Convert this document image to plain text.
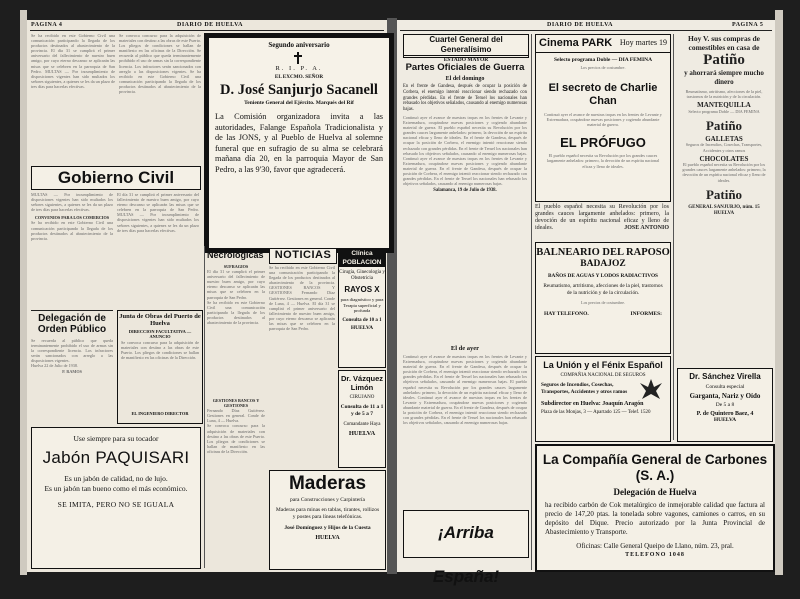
PAGINA 4	DIARIO DE HUELVA
Se ha recibido en este Gobierno Civil una comunicación participando la llegada de los productos destinados al abastecimiento de la provincia. El día 31 se cumplirá el primer aniversario del fallecimiento de nuestro buen amigo, por cuyo eterno descanso se aplicarán las misas que se celebren en la parroquia de San Pedro. MULTAS — Por incumplimiento de disposiciones vigentes han sido multados los señores siguientes, a quienes se les da un plazo de tres días para hacerlas efectivas.
Se convoca concurso para la adquisición de materiales con destino a las obras de este Puerto. Los pliegos de condiciones se hallan de manifiesto en las oficinas de la Dirección. Se recuerda al público que queda terminantemente prohibido el uso de armas sin la correspondiente licencia. Los infractores serán sancionados con arreglo a las disposiciones vigentes. Se ha recibido en este Gobierno Civil una comunicación participando la llegada de los productos destinados al abastecimiento de la provincia.
Gobierno Civil
MULTAS — Por incumplimiento de disposiciones vigentes han sido multados los señores siguientes, a quienes se les da un plazo de tres días para hacerlas efectivas.
CONVENIOS PARA LOS COMERCIOS
Se ha recibido en este Gobierno Civil una comunicación participando la llegada de los productos destinados al abastecimiento de la provincia.
El día 31 se cumplirá el primer aniversario del fallecimiento de nuestro buen amigo, por cuyo eterno descanso se aplicarán las misas que se celebren en la parroquia de San Pedro. MULTAS — Por incumplimiento de disposiciones vigentes han sido multados los señores siguientes, a quienes se les da un plazo de tres días para hacerlas efectivas.
Delegación de Orden Público
Se recuerda al público que queda terminantemente prohibido el uso de armas sin la correspondiente licencia. Los infractores serán sancionados con arreglo a las disposiciones vigentes.
Huelva 22 de Julio de 1938.
P. RAMOS
Junta de Obras del Puerto de Huelva
DIRECCION FACULTATIVA — ANUNCIO
Se convoca concurso para la adquisición de materiales con destino a las obras de este Puerto. Los pliegos de condiciones se hallan de manifiesto en las oficinas de la Dirección.
EL INGENIERO DIRECTOR
Use siempre para su tocador
Jabón PAQUISARI
Es un jabón de calidad, no de lujo.
Es un jabón tan bueno como el más económico.
SE IMITA, PERO NO SE IGUALA
Segundo aniversario
R. I. P. A.
EL EXCMO. SEÑOR
D. José Sanjurjo Sacanell
Teniente General del Ejército. Marqués del Rif
La Comisión organizadora invita a las autoridades, Falange Española Tradicionalista y de las JONS, y al Pueblo de Huelva al solemne funeral que en sufragio de su alma se celebrará mañana día 20, en la parroquia Mayor de San Pedro, a las 9'30, favor que agradecerá.
Necrológicas
SUFRAGIOS
El día 31 se cumplirá el primer aniversario del fallecimiento de nuestro buen amigo, por cuyo eterno descanso se aplicarán las misas que se celebren en la parroquia de San Pedro.
Se ha recibido en este Gobierno Civil una comunicación participando la llegada de los productos destinados al abastecimiento de la provincia.
NOTICIAS
Se ha recibido en este Gobierno Civil una comunicación participando la llegada de los productos destinados al abastecimiento de la provincia. GESTIONES BANCOS Y GESTIONES Fernando Díaz Gutiérrez. Gestiones en general. Conde de Luna, 4 — Huelva. El día 31 se cumplirá el primer aniversario del fallecimiento de nuestro buen amigo, por cuyo eterno descanso se aplicarán las misas que se celebren en la parroquia de San Pedro.
Clínica POBLACION
Cirugía, Ginecología y Obstetricia
RAYOS X
para diagnóstico y para Terapia superficial y profunda
Consulta de 10 a 1
HUELVA
Dr. Vázquez Limón
CIRUJANO
Consulta de 11 a 1 y de 5 a 7
Comandante Haya
HUELVA
Maderas
para Construcciones y Carpintería
Maderas para minas en tablas, tirantes, rollizos y postes para líneas telefónicas.
José Domínguez y Hijos de la Cuesta
HUELVA
GESTIONES BANCOS Y GESTIONES
Fernando Díaz Gutiérrez. Gestiones en general. Conde de Luna, 4 — Huelva.
Se convoca concurso para la adquisición de materiales con destino a las obras de este Puerto. Los pliegos de condiciones se hallan de manifiesto en las oficinas de la Dirección.
DIARIO DE HUELVA	PAGINA 5
Cuartel General del Generalísimo
ESTADO MAYOR
Partes Oficiales de Guerra
El del domingo
En el frente de Gandesa, después de ocupar la posición de Corbera, el enemigo intentó reaccionar siendo rechazado con grandes pérdidas. En el frente de Teruel los nacionales han rebasado los objetivos señalados, causando al enemigo numerosas bajas.
Continuó ayer el avance de nuestras tropas en los frentes de Levante y Extremadura, ocupándose nuevas posiciones y cogiendo abundante material de guerra. El pueblo español necesita su Revolución por los grandes cauces largamente anhelados: primero, la devoción de un espíritu nacional eficaz y lleno de ideales. En el frente de Gandesa, después de ocupar la posición de Corbera, el enemigo intentó reaccionar siendo rechazado con grandes pérdidas. En el frente de Teruel los nacionales han rebasado los objetivos señalados, causando al enemigo numerosas bajas. Continuó ayer el avance de nuestras tropas en los frentes de Levante y Extremadura, ocupándose nuevas posiciones y cogiendo abundante material de guerra. En el frente de Gandesa, después de ocupar la posición de Corbera, el enemigo intentó reaccionar siendo rechazado con grandes pérdidas. En el frente de Teruel los nacionales han rebasado los objetivos señalados, causando al enemigo numerosas bajas.
Salamanca, 19 de Julio de 1938.
El de ayer
Continuó ayer el avance de nuestras tropas en los frentes de Levante y Extremadura, ocupándose nuevas posiciones y cogiendo abundante material de guerra. En el frente de Gandesa, después de ocupar la posición de Corbera, el enemigo intentó reaccionar siendo rechazado con grandes pérdidas. En el frente de Teruel los nacionales han rebasado los objetivos señalados, causando al enemigo numerosas bajas. El pueblo español necesita su Revolución por los grandes cauces largamente anhelados: primero, la devoción de un espíritu nacional eficaz y lleno de ideales. Continuó ayer el avance de nuestras tropas en los frentes de Levante y Extremadura, ocupándose nuevas posiciones y cogiendo abundante material de guerra. En el frente de Gandesa, después de ocupar la posición de Corbera, el enemigo intentó reaccionar siendo rechazado con grandes pérdidas. En el frente de Teruel los nacionales han rebasado los objetivos señalados, causando al enemigo numerosas bajas.
¡Arriba España!
Cinema PARK Hoy martes 19
Selecto programa Doble — DIA FEMINA
Los precios de costumbre.
El secreto de Charlie Chan
Continuó ayer el avance de nuestras tropas en los frentes de Levante y Extremadura, ocupándose nuevas posiciones y cogiendo abundante material de guerra.
EL PRÓFUGO
El pueblo español necesita su Revolución por los grandes cauces largamente anhelados: primero, la devoción de un espíritu nacional eficaz y lleno de ideales.
El pueblo español necesita su Revolución por los grandes cauces largamente anhelados: primero, la devoción de un espíritu nacional eficaz y lleno de ideales.	JOSE ANTONIO
BALNEARIO DEL RAPOSO
BADAJOZ
BAÑOS DE AGUAS Y LODOS RADIACTIVOS
Reumatismo, artritismo, afecciones de la piel, trastornos de la nutrición y de la circulación.
Los precios de costumbre.
HAY TELEFONO.	INFORMES:
La Unión y el Fénix Español
COMPAÑIA NACIONAL DE SEGUROS
Seguros de Incendios, Cosechas, Transportes, Accidentes y otros ramos
Subdirector en Huelva: Joaquín Aragón
Plaza de las Monjas, 3 — Apartado 125 — Telef. 1520
La Compañía General de Carbones (S. A.)
Delegación de Huelva
ha recibido carbón de Cok metalúrgico de inmejorable calidad que factura al precio de 147,20 ptas. la tonelada sobre vagones, camiones o carros, en su depósito del Dique. Precio autorizado por la Junta Provincial de Abastecimiento y Transporte.
Oficinas: Calle General Queipo de Llano, núm. 23, pral.
TELEFONO 1048
Hoy V. sus compras de comestibles en casa de
Patiño
y ahorrará siempre mucho dinero
Reumatismo, artritismo, afecciones de la piel, trastornos de la nutrición y de la circulación.
MANTEQUILLA
Selecto programa Doble — DIA FEMINA
Patiño
GALLETAS
Seguros de Incendios, Cosechas, Transportes, Accidentes y otros ramos
CHOCOLATES
El pueblo español necesita su Revolución por los grandes cauces largamente anhelados: primero, la devoción de un espíritu nacional eficaz y lleno de ideales.
Patiño
GENERAL SANJURJO, núm. 15
HUELVA
Dr. Sánchez Virella
Consulta especial
Garganta, Nariz y Oído
De 5 a 8
P. de Quintero Baez, 4
HUELVA
